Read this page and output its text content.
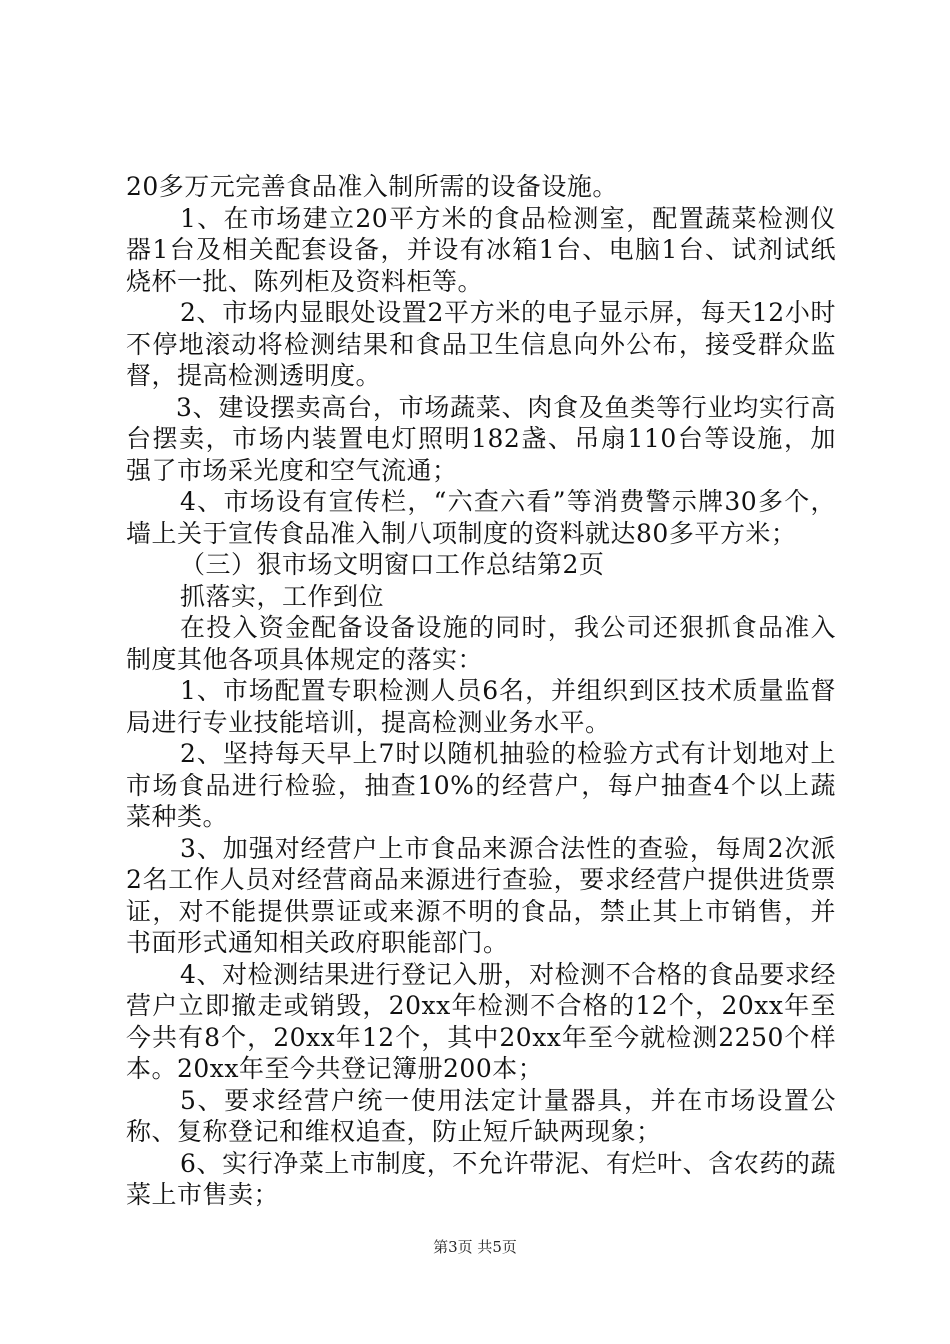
20多万元完善食品准入制所需的设备设施。

1、在市场建立20平方米的食品检测室，配置蔬菜检测仪器1台及相关配套设备，并设有冰箱1台、电脑1台、试剂试纸烧杯一批、陈列柜及资料柜等。

2、市场内显眼处设置2平方米的电子显示屏，每天12小时不停地滚动将检测结果和食品卫生信息向外公布，接受群众监督，提高检测透明度。

3、建设摆卖高台，市场蔬菜、肉食及鱼类等行业均实行高台摆卖，市场内装置电灯照明182盏、吊扇110台等设施，加强了市场采光度和空气流通；

4、市场设有宣传栏，“六查六看”等消费警示牌30多个，墙上关于宣传食品准入制八项制度的资料就达80多平方米；

（三）狠市场文明窗口工作总结第2页

抓落实，工作到位

在投入资金配备设备设施的同时，我公司还狠抓食品准入制度其他各项具体规定的落实：

1、市场配置专职检测人员6名，并组织到区技术质量监督局进行专业技能培训，提高检测业务水平。

2、坚持每天早上7时以随机抽验的检验方式有计划地对上市场食品进行检验，抽查10%的经营户，每户抽查4个以上蔬菜种类。

3、加强对经营户上市食品来源合法性的查验，每周2次派2名工作人员对经营商品来源进行查验，要求经营户提供进货票证，对不能提供票证或来源不明的食品，禁止其上市销售，并书面形式通知相关政府职能部门。

4、对检测结果进行登记入册，对检测不合格的食品要求经营户立即撤走或销毁，20xx年检测不合格的12个，20xx年至今共有8个，20xx年12个，其中20xx年至今就检测2250个样本。20xx年至今共登记簿册200本；

5、要求经营户统一使用法定计量器具，并在市场设置公称、复称登记和维权追查，防止短斤缺两现象；

6、实行净菜上市制度，不允许带泥、有烂叶、含农药的蔬菜上市售卖；

第3页 共5页
